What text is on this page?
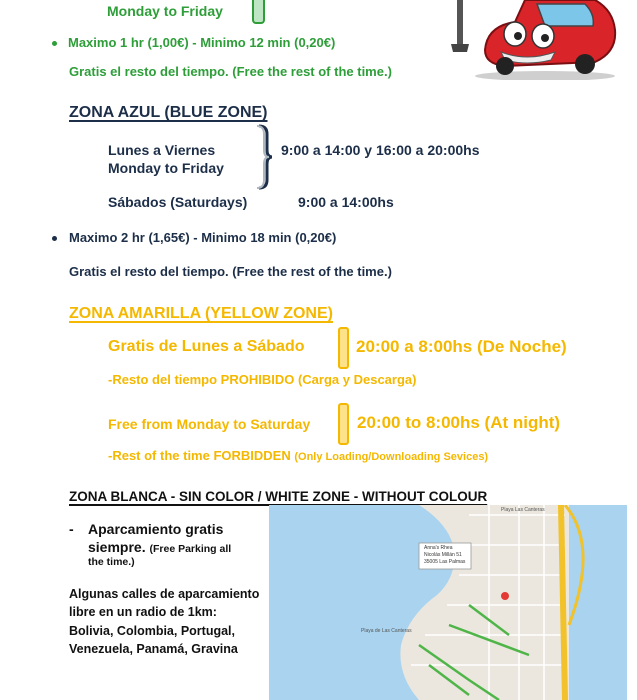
Monday to Friday
Maximo 1 hr (1,00€) - Minimo 12 min (0,20€)
Gratis el resto del tiempo. (Free the rest of the time.)
ZONA AZUL (BLUE ZONE)
Lunes a Viernes
Monday to Friday
9:00 a 14:00 y 16:00 a 20:00hs
Sábados (Saturdays)	9:00 a 14:00hs
Maximo 2 hr (1,65€) - Minimo 18 min (0,20€)
Gratis el resto del tiempo. (Free the rest of the time.)
ZONA AMARILLA (YELLOW ZONE)
Gratis de Lunes a Sábado	20:00 a 8:00hs (De Noche)
-Resto del tiempo PROHIBIDO (Carga y Descarga)
Free from Monday to Saturday	20:00 to 8:00hs (At night)
-Rest of the time FORBIDDEN (Only Loading/Downloading Sevices)
ZONA BLANCA - SIN COLOR / WHITE ZONE - WITHOUT COLOUR
- Aparcamiento gratis
siempre. (Free Parking all
the time.)
Algunas calles de aparcamiento
libre en un radio de 1km:
Bolivia, Colombia, Portugal,
Venezuela, Panamá, Gravina
Anna's Rhea
Nicolás Millán 51
35005 Las Palmas
Playa Las Canteras
Playa de Las Canteras
